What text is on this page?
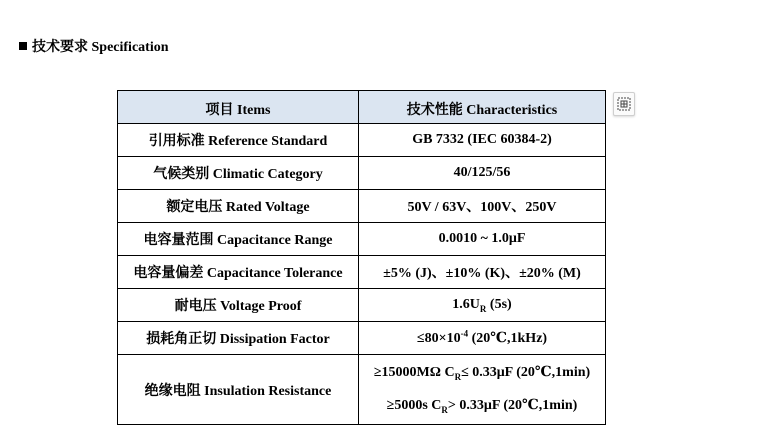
技术要求 Specification
项目 Items	技术性能 Characteristics
引用标准 Reference Standard	GB 7332 (IEC 60384-2)
气候类别 Climatic Category	40/125/56
额定电压 Rated Voltage	50V / 63V、100V、250V
电容量范围 Capacitance Range	0.0010 ~ 1.0μF
电容量偏差 Capacitance Tolerance	±5% (J)、±10% (K)、±20% (M)
耐电压 Voltage Proof	$1.6U_R$ (5s)
损耗角正切 Dissipation Factor	$\le 80\times 10^{-4}$ (20℃,1kHz)
绝缘电阻 Insulation Resistance	≥15000MΩ $C_R\le 0.33\mu F$ (20℃,1min)
≥5000s $C_R> 0.33\mu F$ (20℃,1min)
